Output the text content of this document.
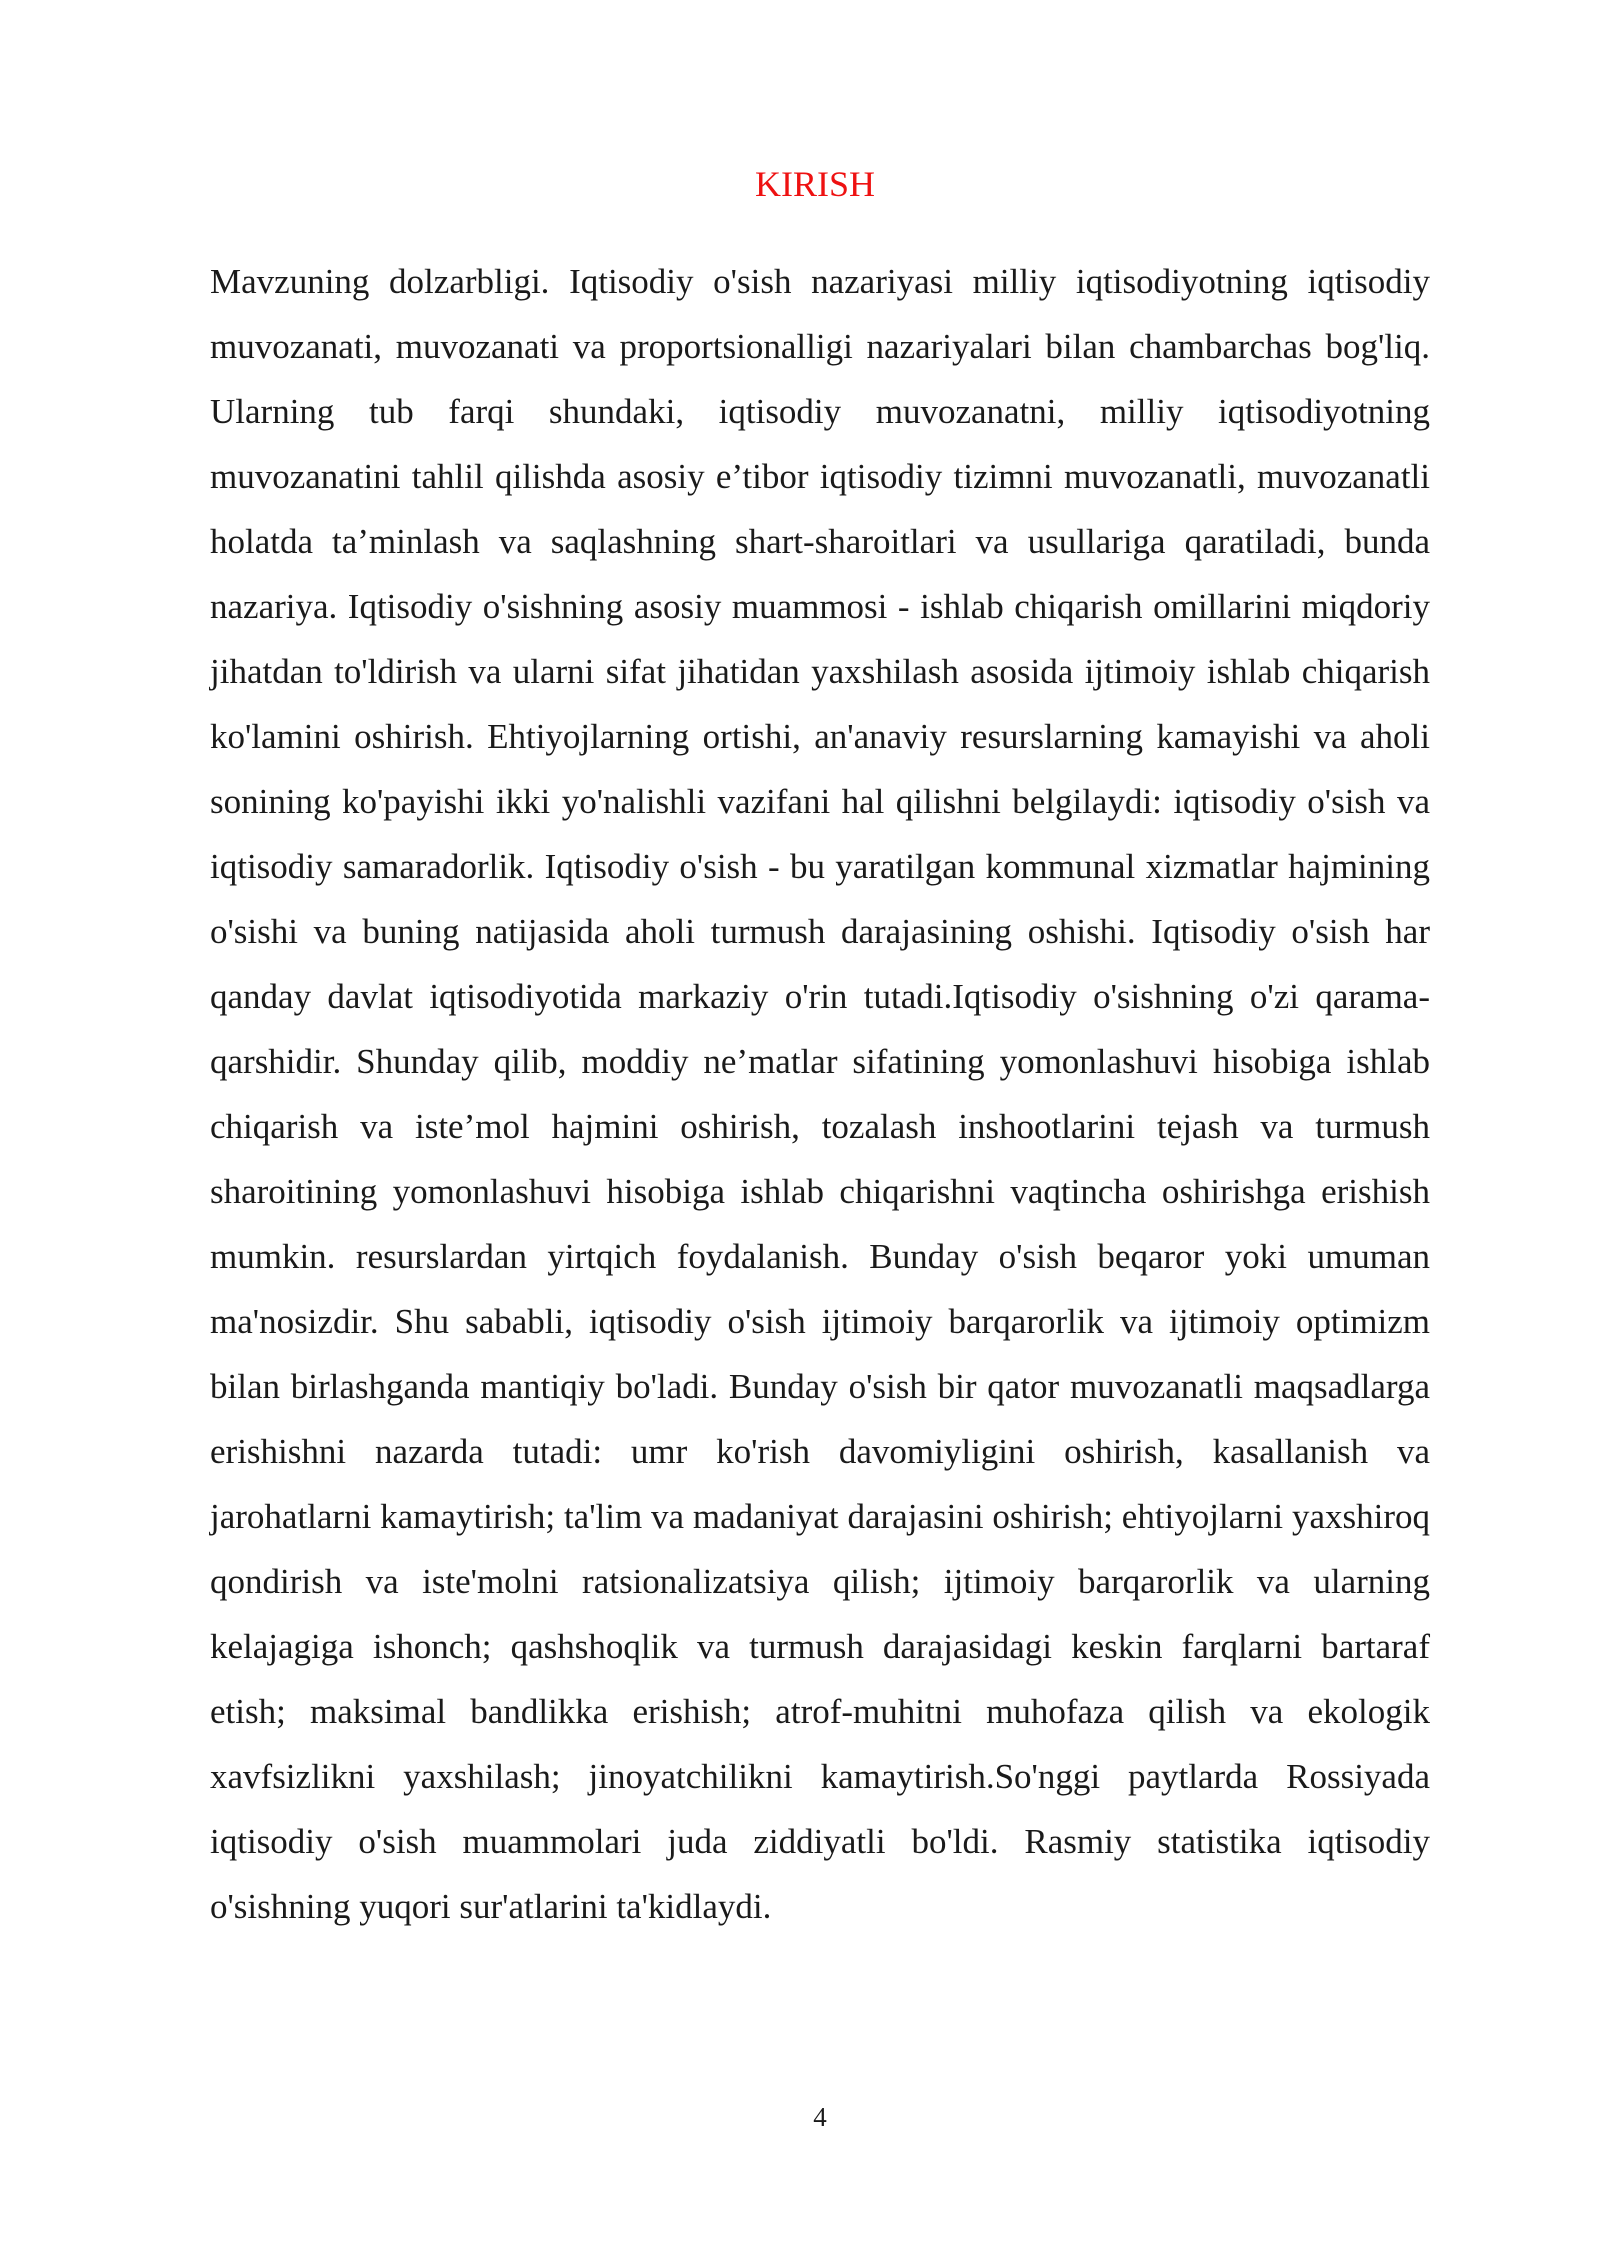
KIRISH

Mavzuning dolzarbligi. Iqtisodiy o'sish nazariyasi milliy iqtisodiyotning iqtisodiy muvozanati, muvozanati va proportsionalligi nazariyalari bilan chambarchas bog'liq. Ularning tub farqi shundaki, iqtisodiy muvozanatni, milliy iqtisodiyotning muvozanatini tahlil qilishda asosiy e’tibor iqtisodiy tizimni muvozanatli, muvozanatli holatda ta’minlash va saqlashning shart-sharoitlari va usullariga qaratiladi, bunda nazariya. Iqtisodiy o'sishning asosiy muammosi - ishlab chiqarish omillarini miqdoriy jihatdan to'ldirish va ularni sifat jihatidan yaxshilash asosida ijtimoiy ishlab chiqarish ko'lamini oshirish. Ehtiyojlarning ortishi, an'anaviy resurslarning kamayishi va aholi sonining ko'payishi ikki yo'nalishli vazifani hal qilishni belgilaydi: iqtisodiy o'sish va iqtisodiy samaradorlik. Iqtisodiy o'sish - bu yaratilgan kommunal xizmatlar hajmining o'sishi va buning natijasida aholi turmush darajasining oshishi. Iqtisodiy o'sish har qanday davlat iqtisodiyotida markaziy o'rin tutadi.Iqtisodiy o'sishning o'zi qarama-qarshidir. Shunday qilib, moddiy ne’matlar sifatining yomonlashuvi hisobiga ishlab chiqarish va iste’mol hajmini oshirish, tozalash inshootlarini tejash va turmush sharoitining yomonlashuvi hisobiga ishlab chiqarishni vaqtincha oshirishga erishish mumkin. resurslardan yirtqich foydalanish. Bunday o'sish beqaror yoki umuman ma'nosizdir. Shu sababli, iqtisodiy o'sish ijtimoiy barqarorlik va ijtimoiy optimizm bilan birlashganda mantiqiy bo'ladi. Bunday o'sish bir qator muvozanatli maqsadlarga erishishni nazarda tutadi: umr ko'rish davomiyligini oshirish, kasallanish va jarohatlarni kamaytirish; ta'lim va madaniyat darajasini oshirish; ehtiyojlarni yaxshiroq qondirish va iste'molni ratsionalizatsiya qilish; ijtimoiy barqarorlik va ularning kelajagiga ishonch; qashshoqlik va turmush darajasidagi keskin farqlarni bartaraf etish; maksimal bandlikka erishish; atrof-muhitni muhofaza qilish va ekologik xavfsizlikni yaxshilash; jinoyatchilikni kamaytirish.So'nggi paytlarda Rossiyada iqtisodiy o'sish muammolari juda ziddiyatli bo'ldi. Rasmiy statistika iqtisodiy o'sishning yuqori sur'atlarini ta'kidlaydi.

4
